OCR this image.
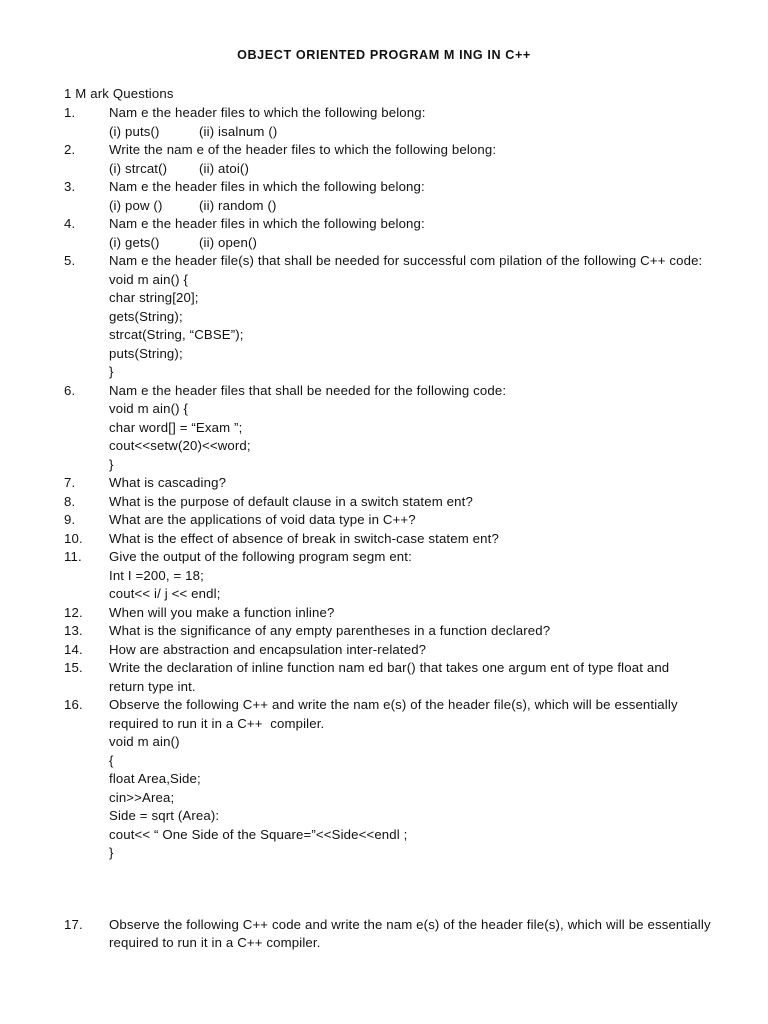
OBJECT ORIENTED PROGRAM M ING IN C++
1 M ark Questions
1.	Nam e the header files to which the following belong:
(i) puts()	(ii) isalnum ()
2.	Write the nam e of the header files to which the following belong:
(i) strcat() (ii) atoi()
3.	Nam e the header files in which the following belong:
(i) pow ()	(ii) random ()
4.	Nam e the header files in which the following belong:
(i) gets()	(ii) open()
5.	Nam e the header file(s) that shall be needed for successful com pilation of the following C++ code:
void m ain() {
char string[20];
gets(String);
strcat(String, “CBSE”);
puts(String);
}
6.	Nam e the header files that shall be needed for the following code:
void m ain() {
char word[] = “Exam ”;
cout<<setw(20)<<word;
}
7.	What is cascading?
8.	What is the purpose of default clause in a switch statem ent?
9.	What are the applications of void data type in C++?
10.	What is the effect of absence of break in switch-case statem ent?
11.	Give the output of the following program segm ent:
Int I =200, = 18;
cout<< i/ j << endl;
12.	When will you make a function inline?
13.	What is the significance of any empty parentheses in a function declared?
14.	How are abstraction and encapsulation inter-related?
15.	Write the declaration of inline function nam ed bar() that takes one argum ent of type float and
return type int.
16.	Observe the following C++ and write the nam e(s) of the header file(s), which will be essentially
required to run it in a C++  compiler.
void m ain()
{
float Area,Side;
cin>>Area;
Side = sqrt (Area):
cout<< “ One Side of the Square=”<<Side<<endl ;
}
17.	Observe the following C++ code and write the nam e(s) of the header file(s), which will be essentially
required to run it in a C++ compiler.
